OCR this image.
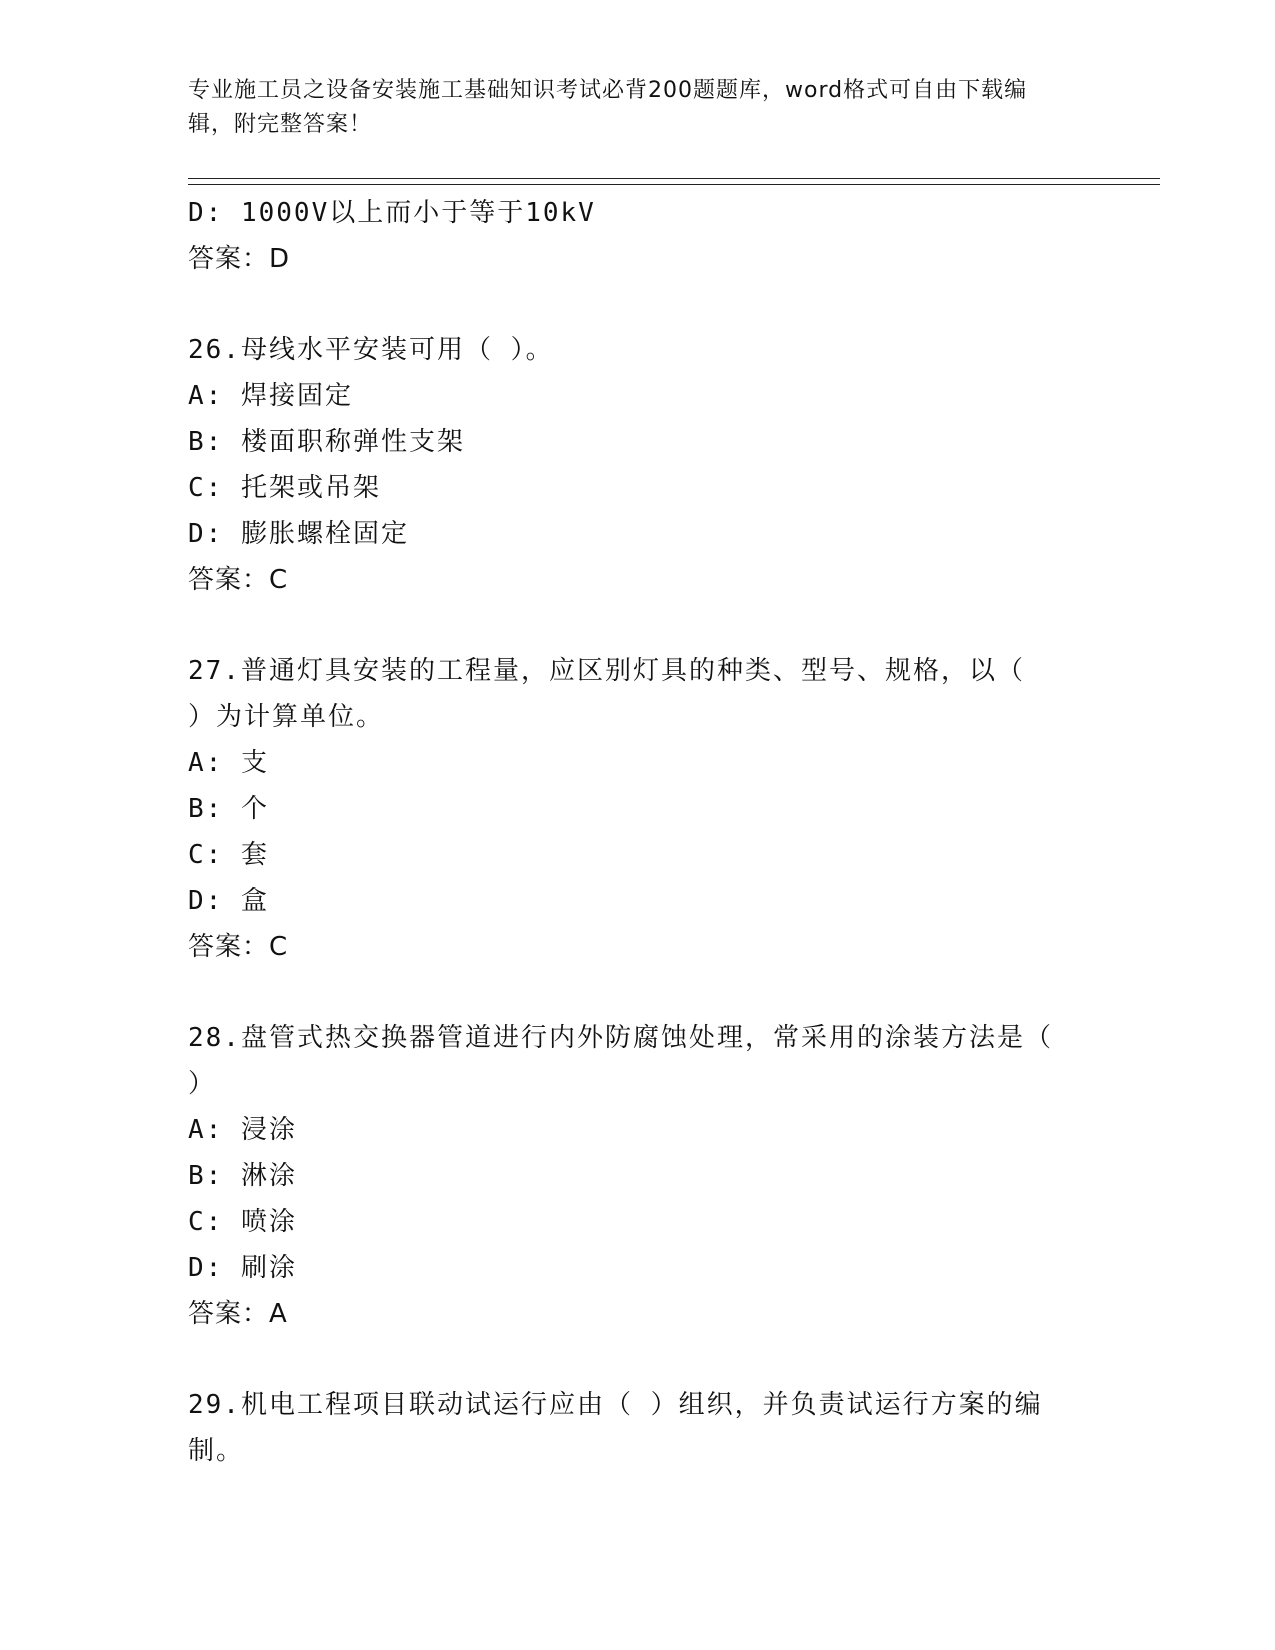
专业施工员之设备安装施工基础知识考试必背200题题库，word格式可自由下载编辑，附完整答案！
D: 1000V以上而小于等于10kV
答案：D
26.母线水平安装可用（ ）。
A: 焊接固定
B: 楼面职称弹性支架
C: 托架或吊架
D: 膨胀螺栓固定
答案：C
27.普通灯具安装的工程量，应区别灯具的种类、型号、规格，以（
）为计算单位。
A: 支
B: 个
C: 套
D: 盒
答案：C
28.盘管式热交换器管道进行内外防腐蚀处理，常采用的涂装方法是（
）
A: 浸涂
B: 淋涂
C: 喷涂
D: 刷涂
答案：A
29.机电工程项目联动试运行应由（ ）组织，并负责试运行方案的编
制。
